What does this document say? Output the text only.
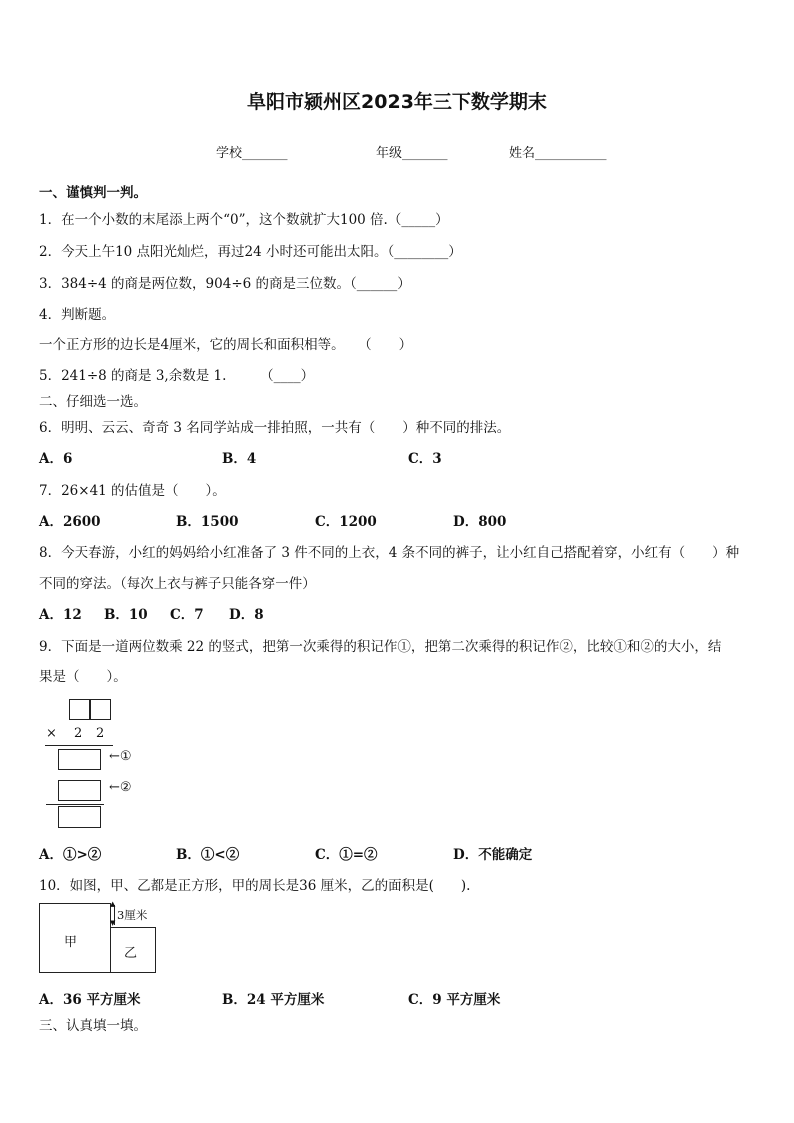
阜阳市颍州区2023年三下数学期末
学校_______	年级_______	姓名___________
一、谨慎判一判。
1．在一个小数的末尾添上两个“0”，这个数就扩大100 倍.（_____）
2．今天上午10 点阳光灿烂，再过24 小时还可能出太阳。（________）
3．384÷4 的商是两位数，904÷6 的商是三位数。（______）
4．判断题。
一个正方形的边长是4厘米，它的周长和面积相等。　　（　　）
5．241÷8 的商是 3,余数是 1.　　　（____）
二、仔细选一选。
6．明明、云云、奇奇 3 名同学站成一排拍照，一共有（　　）种不同的排法。
A．6	B．4	C．3
7．26×41 的估值是（　　）。
A．2600	B．1500	C．1200	D．800
8．今天春游，小红的妈妈给小红准备了 3 件不同的上衣，4 条不同的裤子，让小红自己搭配着穿，小红有（　　）种
不同的穿法。（每次上衣与裤子只能各穿一件）
A．12 B．10 C．7 D．8
9．下面是一道两位数乘 22 的竖式，把第一次乘得的积记作①，把第二次乘得的积记作②，比较①和②的大小，结
果是（　　）。
× 2 2
←①
←②
A．①>②	B．①<②	C．①=②	D．不能确定
10．如图，甲、乙都是正方形，甲的周长是36 厘米，乙的面积是(　　).
甲
乙
▲
▼
3厘米
A．36 平方厘米	B．24 平方厘米	C．9 平方厘米
三、认真填一填。
